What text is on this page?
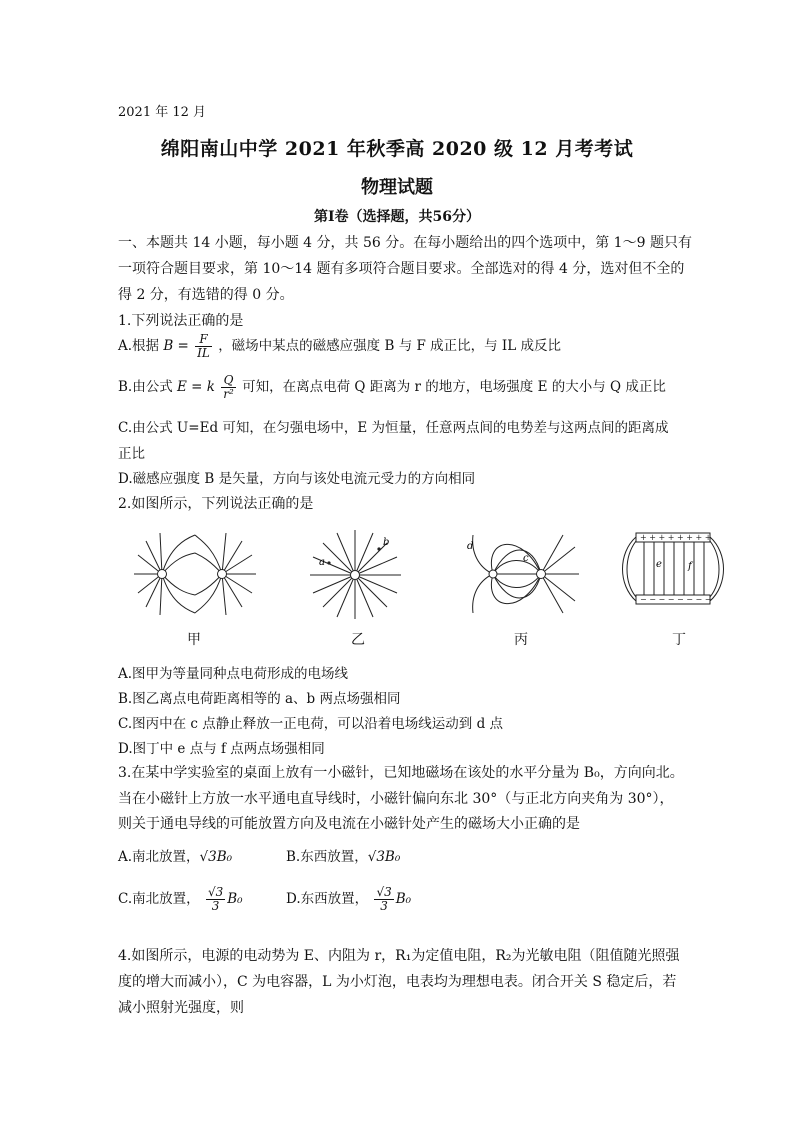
2021 年 12 月
绵阳南山中学 2021 年秋季高 2020 级 12 月考考试
物理试题
第Ⅰ卷（选择题，共56分）
一、本题共 14 小题，每小题 4 分，共 56 分。在每小题给出的四个选项中，第 1～9 题只有
一项符合题目要求，第 10～14 题有多项符合题目要求。全部选对的得 4 分，选对但不全的
得 2 分，有选错的得 0 分。
1.下列说法正确的是
A.根据 $B = \frac{F}{IL}$ ，磁场中某点的磁感应强度 B 与 F 成正比，与 IL 成反比
B.由公式 E = k $\frac{Q}{\text{r²}}$ 可知，在离点电荷 Q 距离为 r 的地方，电场强度 E 的大小与 Q 成正比
C.由公式 U=Ed 可知，在匀强电场中，E 为恒量，任意两点间的电势差与这两点间的距离成
正比
D.磁感应强度 B 是矢量，方向与该处电流元受力的方向相同
2.如图所示，下列说法正确的是
a
b	d
c
+ + + + + + + +
− − − − − − − −
e	f
甲	乙	丙	丁
A.图甲为等量同种点电荷形成的电场线
B.图乙离点电荷距离相等的 a、b 两点场强相同
C.图丙中在 c 点静止释放一正电荷，可以沿着电场线运动到 d 点
D.图丁中 e 点与 f 点两点场强相同
3.在某中学实验室的桌面上放有一小磁针，已知地磁场在该处的水平分量为 B₀，方向向北。
当在小磁针上方放一水平通电直导线时，小磁针偏向东北 30°（与正北方向夹角为 30°），
则关于通电导线的可能放置方向及电流在小磁针处产生的磁场大小正确的是
A.南北放置，√3B₀	B.东西放置，√3B₀
C.南北放置， $\frac{√3}{3} B_0$	D.东西放置， $\frac{√3}{3} B_0$
4.如图所示，电源的电动势为 E、内阻为 r，R₁为定值电阻，R₂为光敏电阻（阻值随光照强
度的增大而减小），C 为电容器，L 为小灯泡，电表均为理想电表。闭合开关 S 稳定后，若
减小照射光强度，则
